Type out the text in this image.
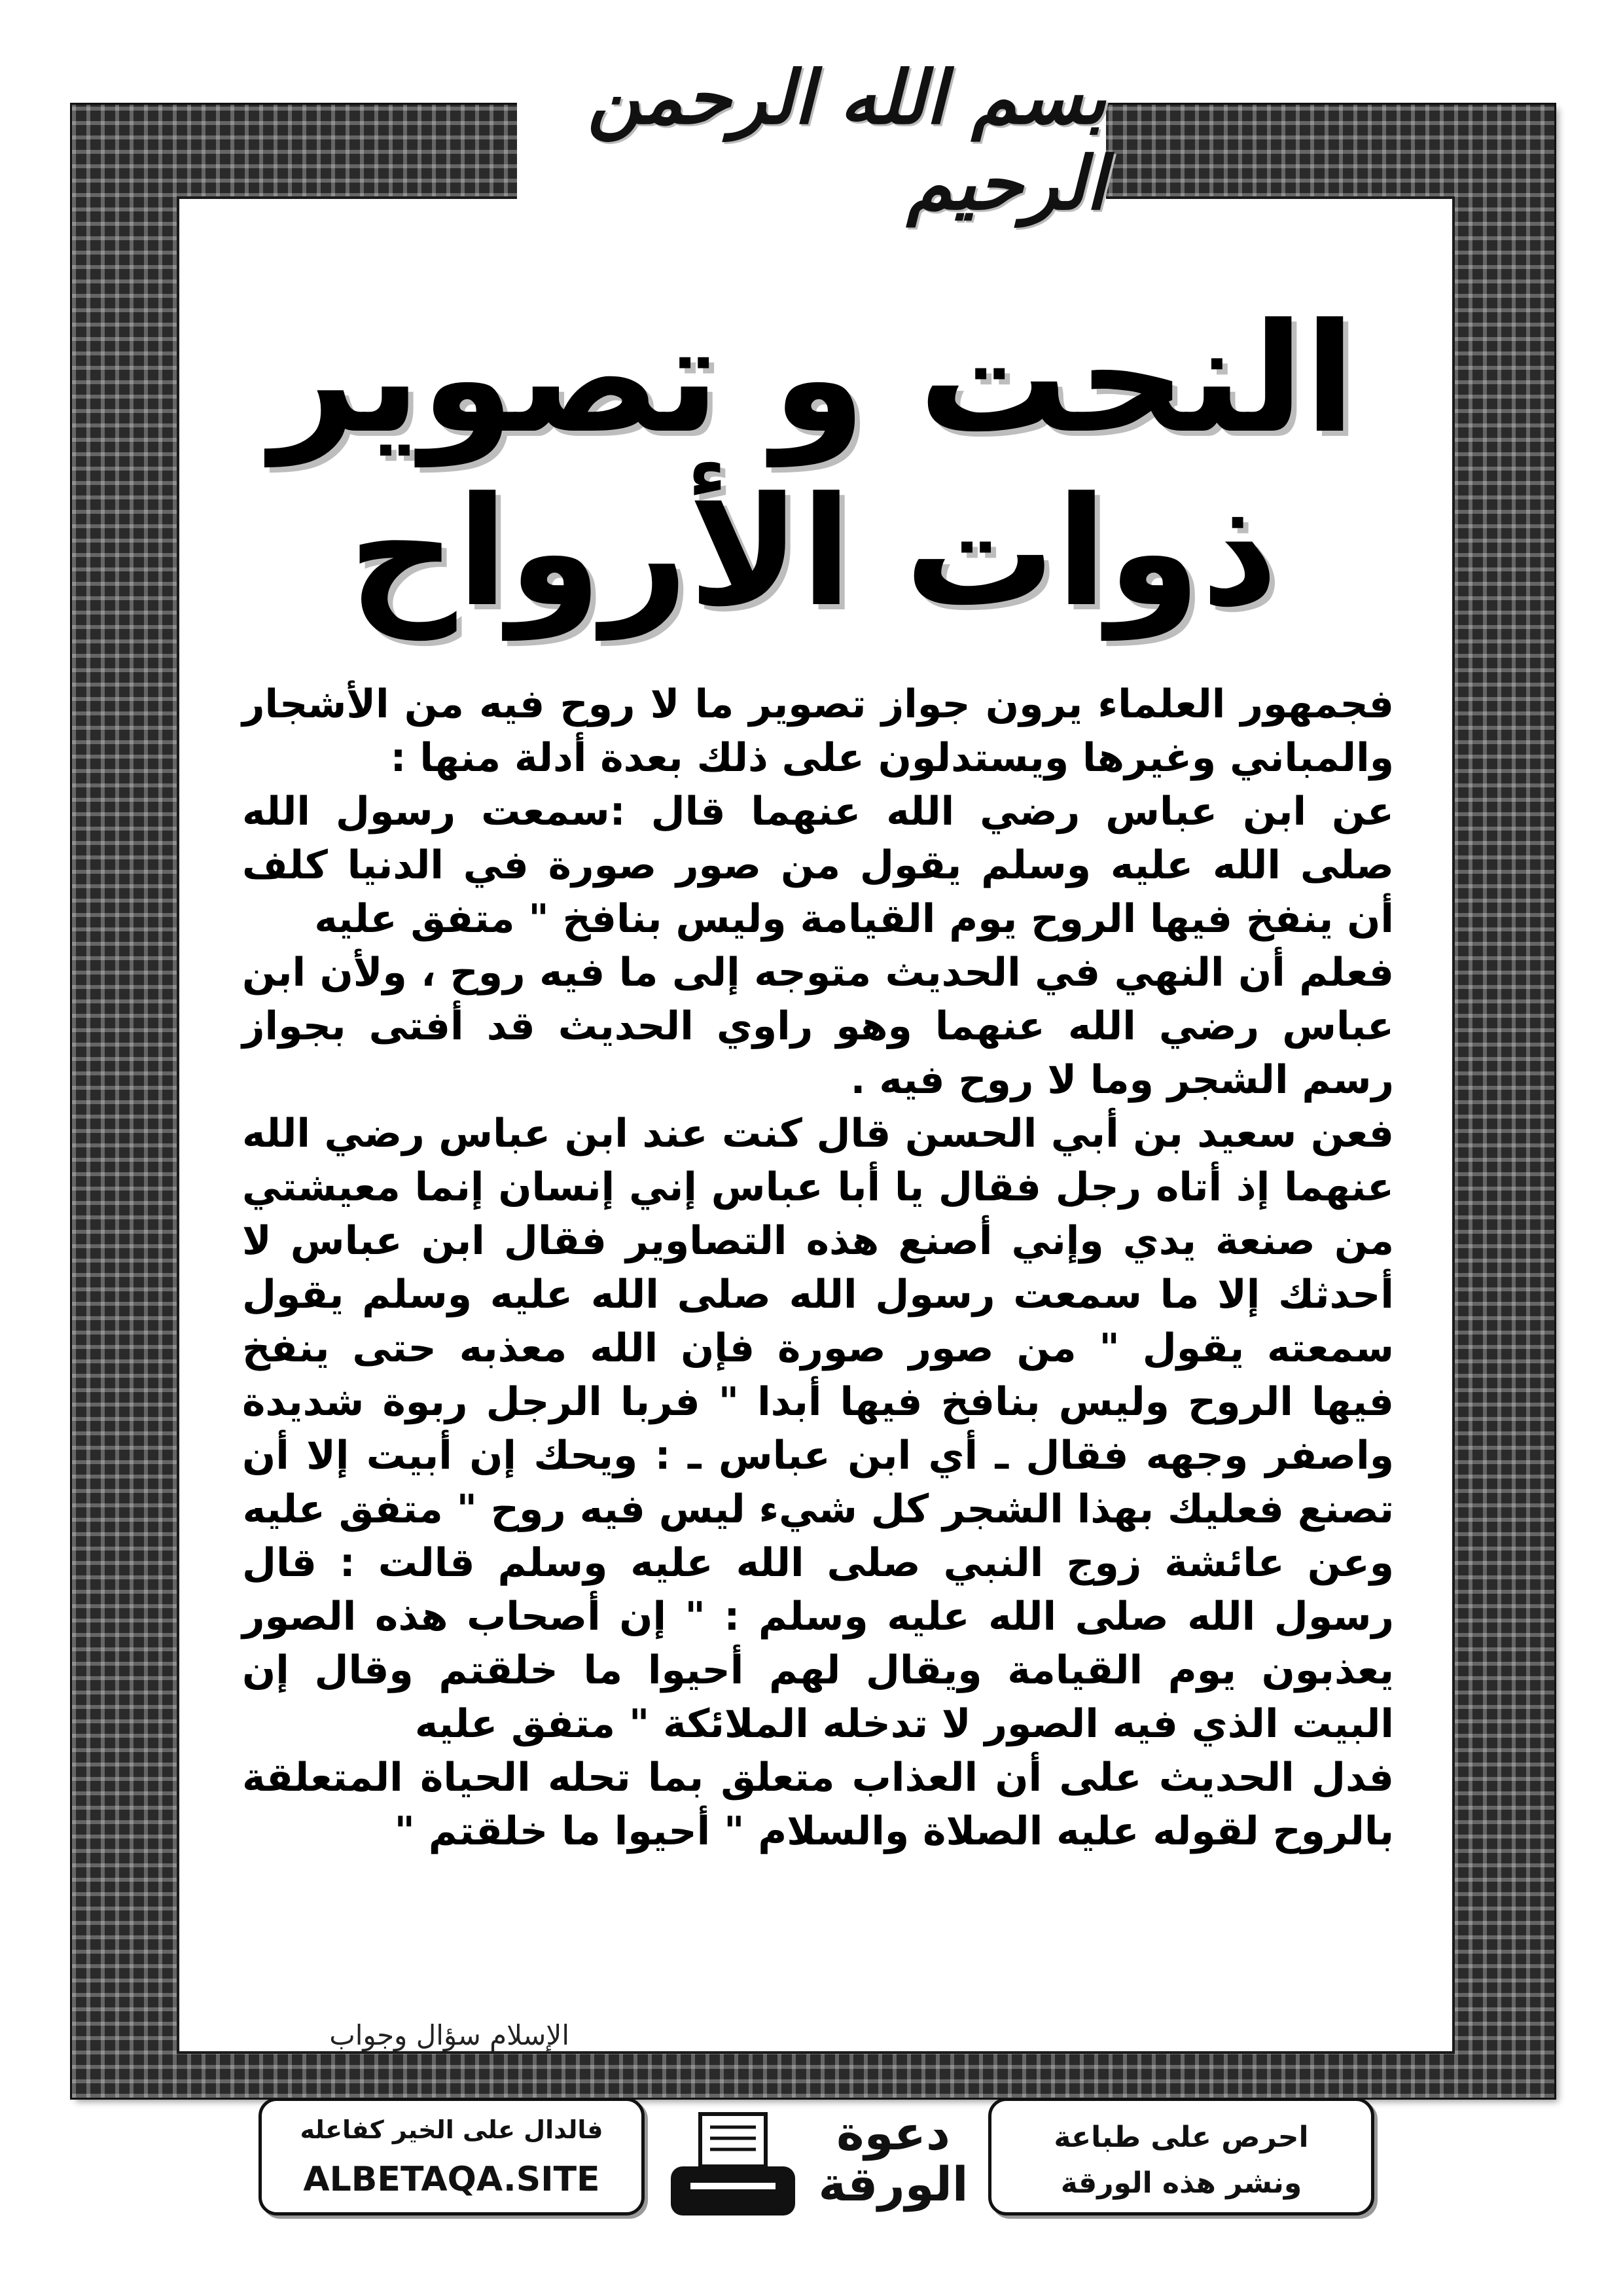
بسم الله الرحمن الرحيم
النحت و تصوير
ذوات الأرواح

فجمهور العلماء يرون جواز تصوير ما لا روح فيه من الأشجار والمباني وغيرها ويستدلون على ذلك بعدة أدلة منها :

عن ابن عباس رضي الله عنهما قال :سمعت رسول الله صلى الله عليه وسلم يقول من صور صورة في الدنيا كلف أن ينفخ فيها الروح يوم القيامة وليس بنافخ " متفق عليه

فعلم أن النهي في الحديث متوجه إلى ما فيه روح ، ولأن ابن عباس رضي الله عنهما وهو راوي الحديث قد أفتى بجواز رسم الشجر وما لا روح فيه .

فعن سعيد بن أبي الحسن قال كنت عند ابن عباس رضي الله عنهما إذ أتاه رجل فقال يا أبا عباس إني إنسان إنما معيشتي من صنعة يدي وإني أصنع هذه التصاوير فقال ابن عباس لا أحدثك إلا ما سمعت رسول الله صلى الله عليه وسلم يقول سمعته يقول " من صور صورة فإن الله معذبه حتى ينفخ فيها الروح وليس بنافخ فيها أبدا " فربا الرجل ربوة شديدة واصفر وجهه فقال ـ أي ابن عباس ـ : ويحك إن أبيت إلا أن تصنع فعليك بهذا الشجر كل شيء ليس فيه روح " متفق عليه

وعن عائشة زوج النبي صلى الله عليه وسلم قالت : قال رسول الله صلى الله عليه وسلم : " إن أصحاب هذه الصور يعذبون يوم القيامة ويقال لهم أحيوا ما خلقتم وقال إن البيت الذي فيه الصور لا تدخله الملائكة " متفق عليه

فدل الحديث على أن العذاب متعلق بما تحله الحياة المتعلقة بالروح لقوله عليه الصلاة والسلام " أحيوا ما خلقتم "

الإسلام سؤال وجواب
فالدال على الخير كفاعله
ALBETAQA.SITE
دعوة
الورقة
احرص على طباعة
ونشر هذه الورقة
